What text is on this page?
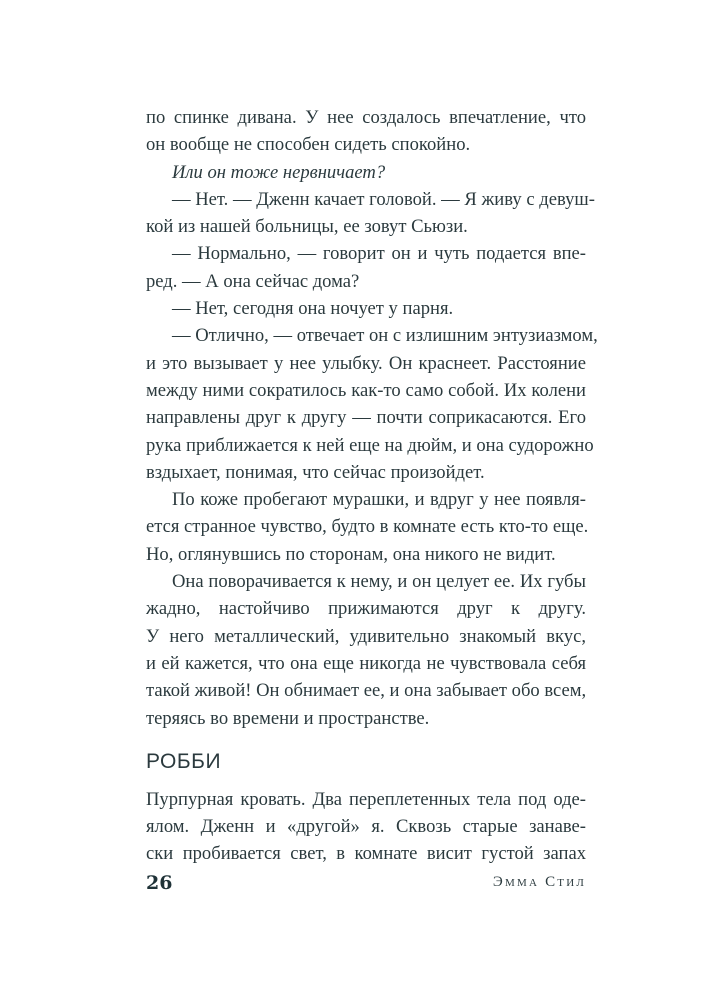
по спинке дивана. У нее создалось впечатление, что
он вообще не способен сидеть спокойно.
Или он тоже нервничает?
— Нет. — Дженн качает головой. — Я живу с девуш-
кой из нашей больницы, ее зовут Сьюзи.
— Нормально, — говорит он и чуть подается впе-
ред. — А она сейчас дома?
— Нет, сегодня она ночует у парня.
— Отлично, — отвечает он с излишним энтузиазмом,
и это вызывает у нее улыбку. Он краснеет. Расстояние
между ними сократилось как-то само собой. Их колени
направлены друг к другу — почти соприкасаются. Его
рука приближается к ней еще на дюйм, и она судорожно
вздыхает, понимая, что сейчас произойдет.
По коже пробегают мурашки, и вдруг у нее появля-
ется странное чувство, будто в комнате есть кто-то еще.
Но, оглянувшись по сторонам, она никого не видит.
Она поворачивается к нему, и он целует ее. Их губы
жадно, настойчиво прижимаются друг к другу.
У него металлический, удивительно знакомый вкус,
и ей кажется, что она еще никогда не чувствовала себя
такой живой! Он обнимает ее, и она забывает обо всем,
теряясь во времени и пространстве.
РОББИ
Пурпурная кровать. Два переплетенных тела под оде-
ялом. Дженн и «другой» я. Сквозь старые занаве-
ски пробивается свет, в комнате висит густой запах
26	Эмма Стил
